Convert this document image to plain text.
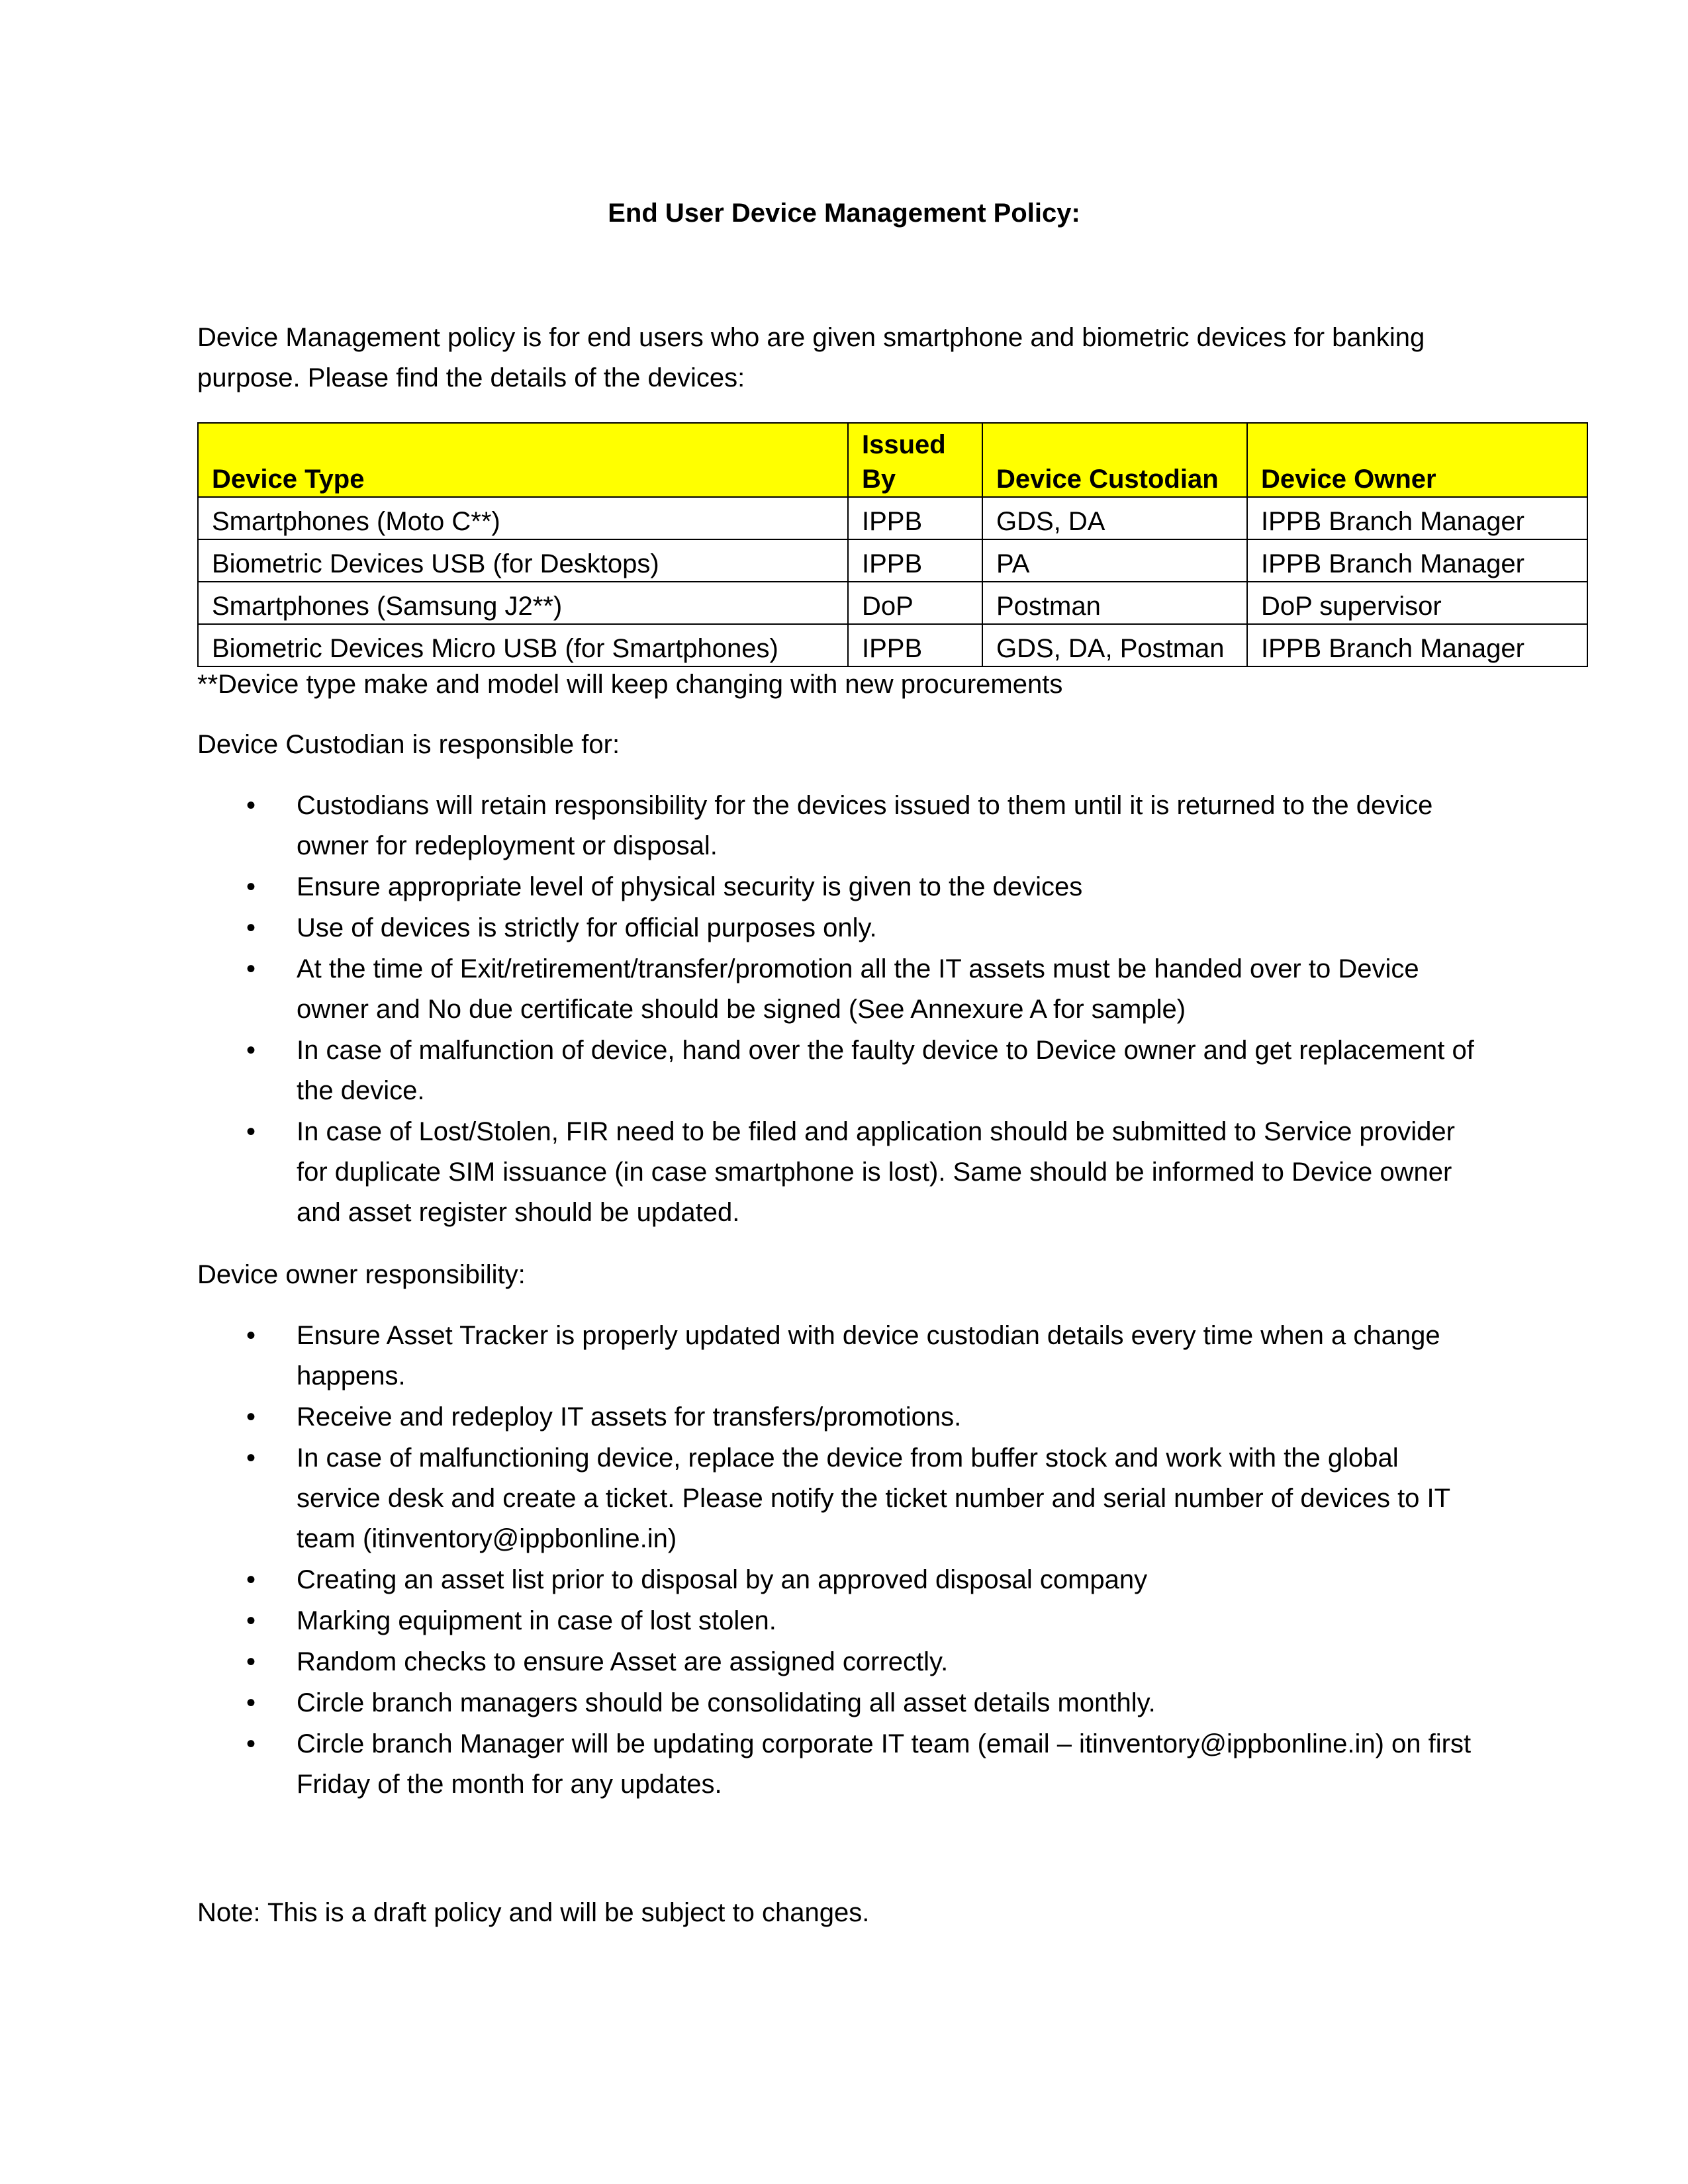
End User Device Management Policy:
Device Management policy is for end users who are given smartphone and biometric devices for banking purpose. Please find the details of the devices:
Device Type	Issued By	Device Custodian	Device Owner
Smartphones (Moto C**)	IPPB	GDS, DA	IPPB Branch Manager
Biometric Devices USB (for Desktops)	IPPB	PA	IPPB Branch Manager
Smartphones (Samsung J2**)	DoP	Postman	DoP supervisor
Biometric Devices Micro USB (for Smartphones)	IPPB	GDS, DA, Postman	IPPB Branch Manager
**Device type make and model will keep changing with new procurements
Device Custodian is responsible for:
• Custodians will retain responsibility for the devices issued to them until it is returned to the device owner for redeployment or disposal.
• Ensure appropriate level of physical security is given to the devices
• Use of devices is strictly for official purposes only.
• At the time of Exit/retirement/transfer/promotion all the IT assets must be handed over to Device owner and No due certificate should be signed (See Annexure A for sample)
• In case of malfunction of device, hand over the faulty device to Device owner and get replacement of the device.
• In case of Lost/Stolen, FIR need to be filed and application should be submitted to Service provider for duplicate SIM issuance (in case smartphone is lost). Same should be informed to Device owner and asset register should be updated.
Device owner responsibility:
• Ensure Asset Tracker is properly updated with device custodian details every time when a change happens.
• Receive and redeploy IT assets for transfers/promotions.
• In case of malfunctioning device, replace the device from buffer stock and work with the global service desk and create a ticket. Please notify the ticket number and serial number of devices to IT team (itinventory@ippbonline.in)
• Creating an asset list prior to disposal by an approved disposal company
• Marking equipment in case of lost stolen.
• Random checks to ensure Asset are assigned correctly.
• Circle branch managers should be consolidating all asset details monthly.
• Circle branch Manager will be updating corporate IT team (email – itinventory@ippbonline.in) on first Friday of the month for any updates.
Note: This is a draft policy and will be subject to changes.
